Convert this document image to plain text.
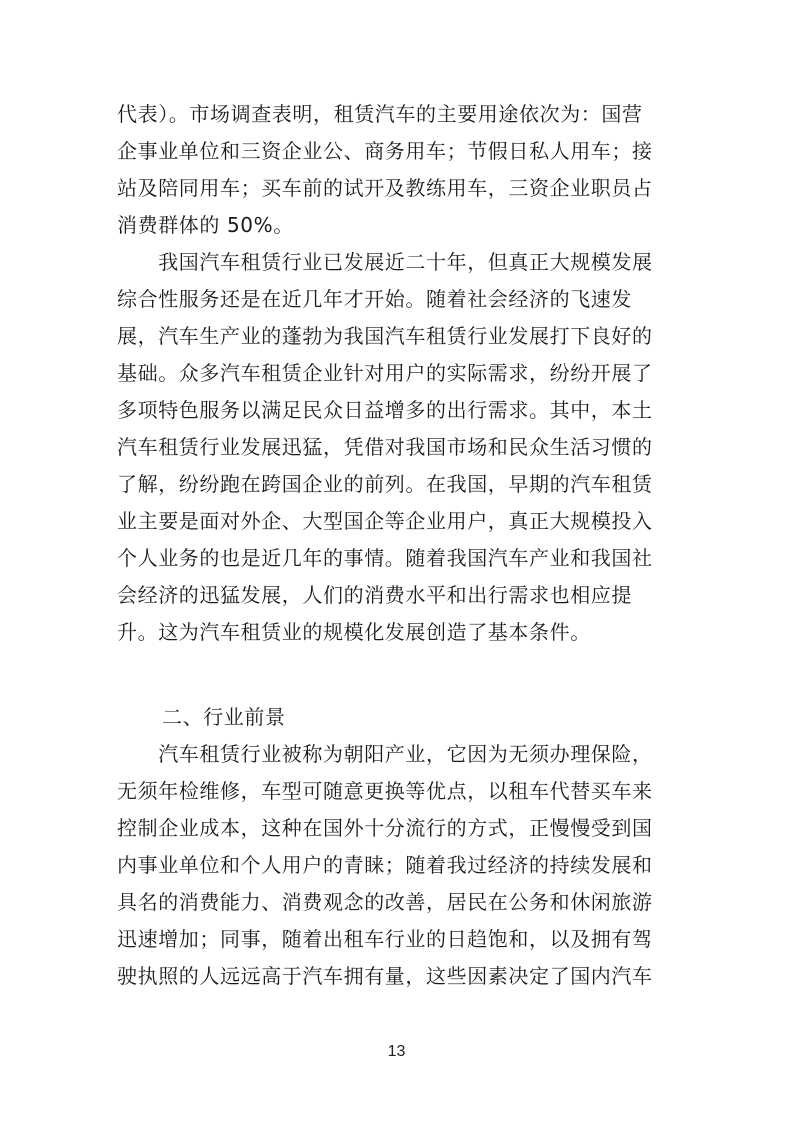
代表）。市场调查表明，租赁汽车的主要用途依次为：国营
企事业单位和三资企业公、商务用车；节假日私人用车；接
站及陪同用车；买车前的试开及教练用车，三资企业职员占
消费群体的 50%。
　　我国汽车租赁行业已发展近二十年，但真正大规模发展
综合性服务还是在近几年才开始。随着社会经济的飞速发
展，汽车生产业的蓬勃为我国汽车租赁行业发展打下良好的
基础。众多汽车租赁企业针对用户的实际需求，纷纷开展了
多项特色服务以满足民众日益增多的出行需求。其中，本土
汽车租赁行业发展迅猛，凭借对我国市场和民众生活习惯的
了解，纷纷跑在跨国企业的前列。在我国，早期的汽车租赁
业主要是面对外企、大型国企等企业用户，真正大规模投入
个人业务的也是近几年的事情。随着我国汽车产业和我国社
会经济的迅猛发展，人们的消费水平和出行需求也相应提
升。这为汽车租赁业的规模化发展创造了基本条件。
二、行业前景
　　汽车租赁行业被称为朝阳产业，它因为无须办理保险，
无须年检维修，车型可随意更换等优点，以租车代替买车来
控制企业成本，这种在国外十分流行的方式，正慢慢受到国
内事业单位和个人用户的青睐；随着我过经济的持续发展和
具名的消费能力、消费观念的改善，居民在公务和休闲旅游
迅速增加；同事，随着出租车行业的日趋饱和，以及拥有驾
驶执照的人远远高于汽车拥有量，这些因素决定了国内汽车
13
